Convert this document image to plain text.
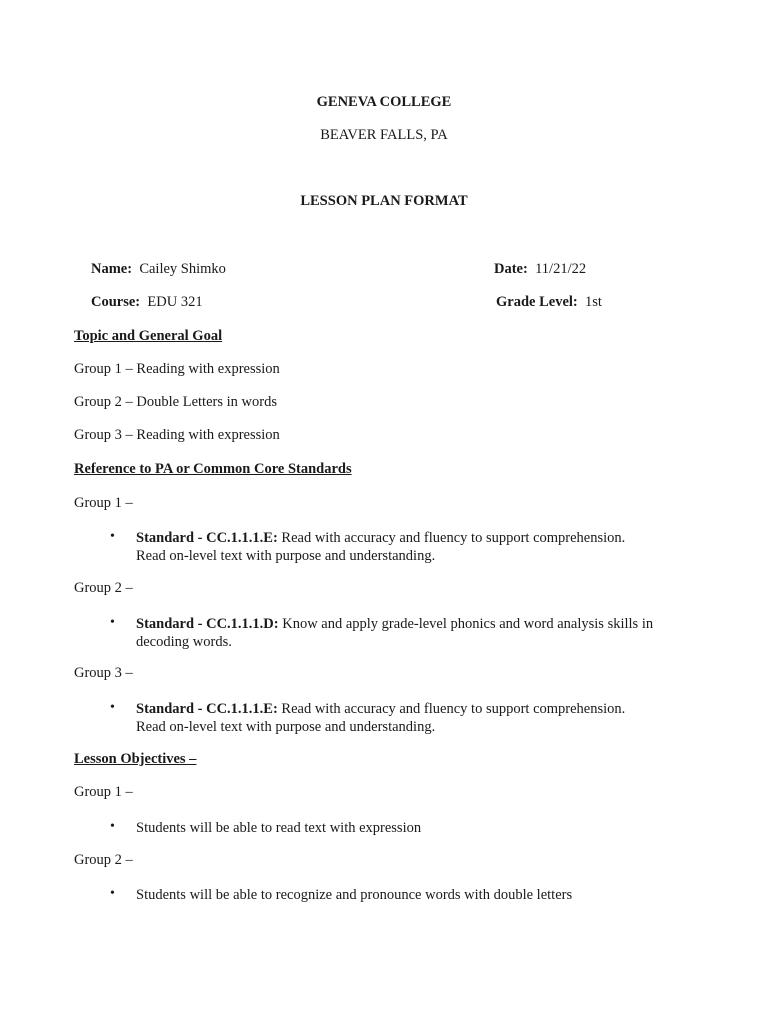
GENEVA COLLEGE
BEAVER FALLS, PA
LESSON PLAN FORMAT
Name: Cailey Shimko	Date: 11/21/22
Course: EDU 321	Grade Level: 1st
Topic and General Goal
Group 1 – Reading with expression
Group 2 – Double Letters in words
Group 3 – Reading with expression
Reference to PA or Common Core Standards
Group 1 –
• Standard - CC.1.1.1.E: Read with accuracy and fluency to support comprehension.
Read on-level text with purpose and understanding.
Group 2 –
• Standard - CC.1.1.1.D: Know and apply grade-level phonics and word analysis skills in
decoding words.
Group 3 –
• Standard - CC.1.1.1.E: Read with accuracy and fluency to support comprehension.
Read on-level text with purpose and understanding.
Lesson Objectives –
Group 1 –
• Students will be able to read text with expression
Group 2 –
• Students will be able to recognize and pronounce words with double letters
